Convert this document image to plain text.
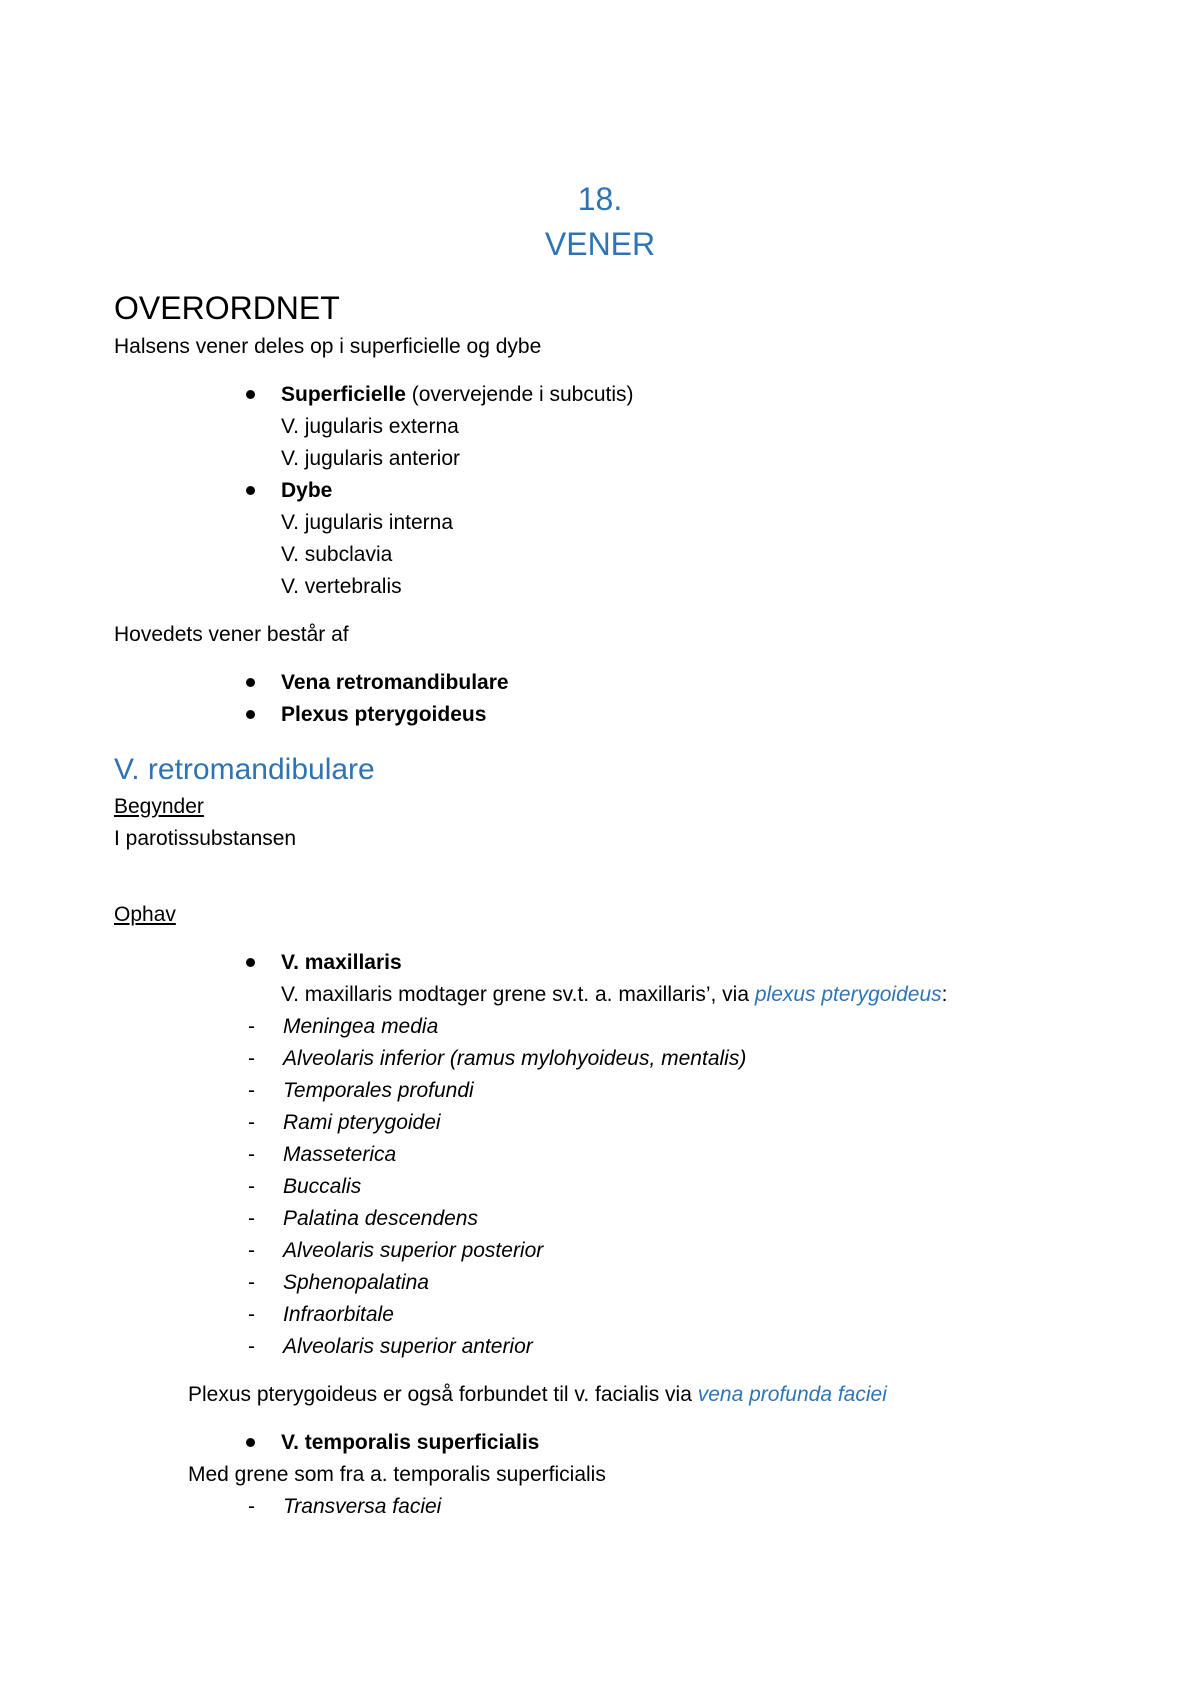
18.
VENER
OVERORDNET
Halsens vener deles op i superficielle og dybe
Superficielle (overvejende i subcutis)
V. jugularis externa
V. jugularis anterior
Dybe
V. jugularis interna
V. subclavia
V. vertebralis
Hovedets vener består af
Vena retromandibulare
Plexus pterygoideus
V. retromandibulare
Begynder
I parotissubstansen
Ophav
V. maxillaris
V. maxillaris modtager grene sv.t. a. maxillaris’, via plexus pterygoideus:
- Meningea media
- Alveolaris inferior (ramus mylohyoideus, mentalis)
- Temporales profundi
- Rami pterygoidei
- Masseterica
- Buccalis
- Palatina descendens
- Alveolaris superior posterior
- Sphenopalatina
- Infraorbitale
- Alveolaris superior anterior
Plexus pterygoideus er også forbundet til v. facialis via vena profunda faciei
V. temporalis superficialis
Med grene som fra a. temporalis superficialis
- Transversa faciei
